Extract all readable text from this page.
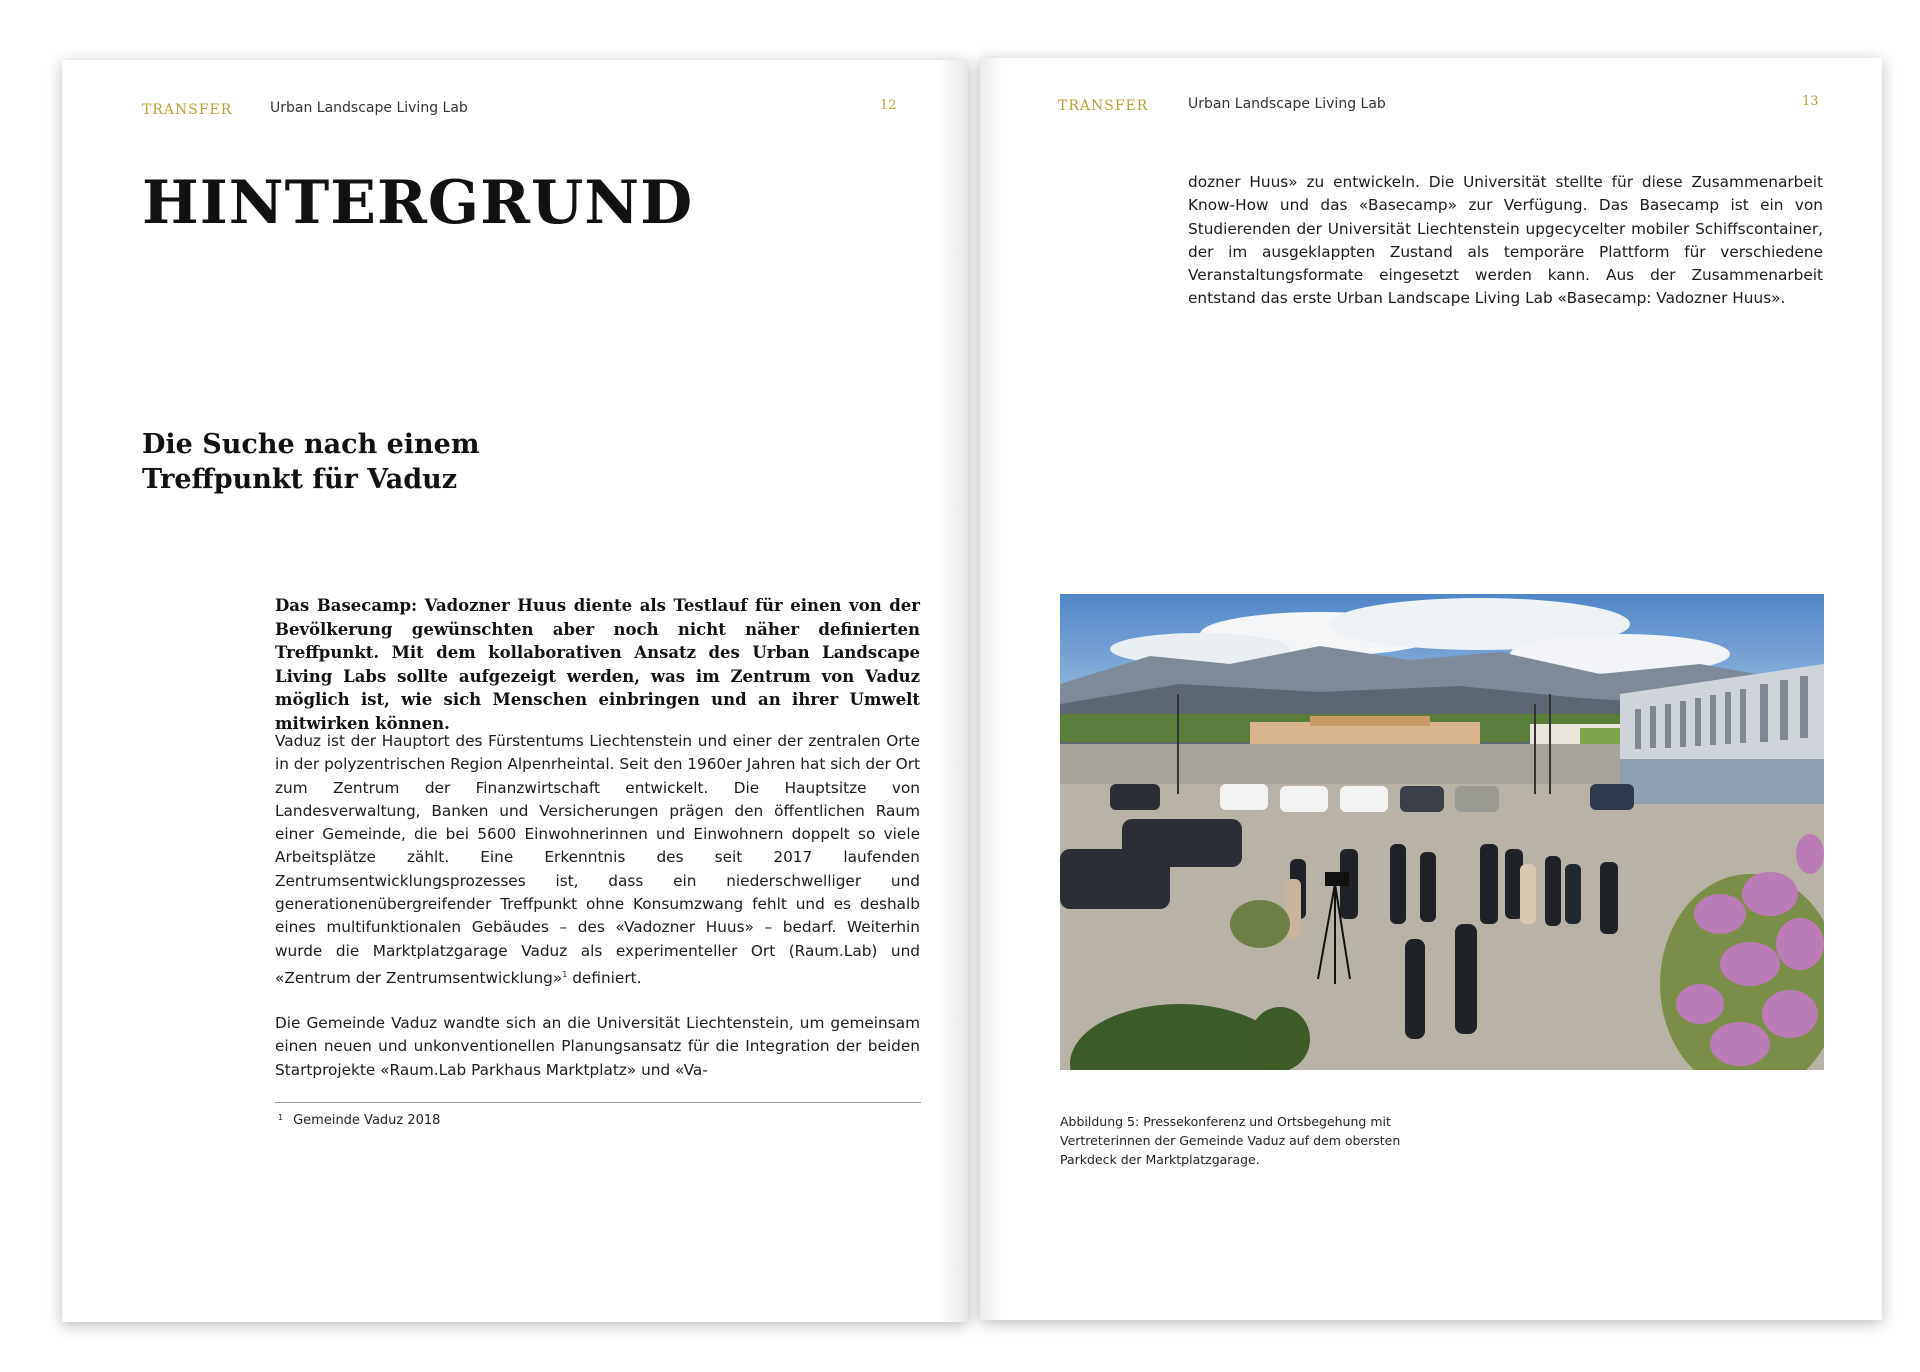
TRANSFER	Urban Landscape Living Lab	12
HINTERGRUND
Die Suche nach einem Treffpunkt für Vaduz

Das Basecamp: Vadozner Huus diente als Testlauf für einen von der Bevölkerung gewünschten aber noch nicht näher definierten Treffpunkt. Mit dem kollaborativen Ansatz des Urban Landscape Living Labs sollte aufgezeigt werden, was im Zentrum von Vaduz möglich ist, wie sich Menschen einbringen und an ihrer Umwelt mitwirken können.

Vaduz ist der Hauptort des Fürstentums Liechtenstein und einer der zentralen Orte in der polyzentrischen Region Alpenrheintal. Seit den 1960er Jahren hat sich der Ort zum Zentrum der Finanzwirtschaft entwickelt. Die Hauptsitze von Landesverwaltung, Banken und Versicherungen prägen den öffentlichen Raum einer Gemeinde, die bei 5600 Einwohnerinnen und Einwohnern doppelt so viele Arbeitsplätze zählt. Eine Erkenntnis des seit 2017 laufenden Zentrumsentwicklungsprozesses ist, dass ein niederschwelliger und generationenübergreifender Treffpunkt ohne Konsumzwang fehlt und es deshalb eines multifunktionalen Gebäudes – des «Vadozner Huus» – bedarf. Weiterhin wurde die Marktplatzgarage Vaduz als experimenteller Ort (Raum.Lab) und «Zentrum der Zentrumsentwicklung»$^1$ definiert.

Die Gemeinde Vaduz wandte sich an die Universität Liechtenstein, um gemeinsam einen neuen und unkonventionellen Planungsansatz für die Integration der beiden Startprojekte «Raum.Lab Parkhaus Marktplatz» und «Va-

$^1$ Gemeinde Vaduz 2018
TRANSFER	Urban Landscape Living Lab	13

dozner Huus» zu entwickeln. Die Universität stellte für diese Zusammenarbeit Know-How und das «Basecamp» zur Verfügung. Das Basecamp ist ein von Studierenden der Universität Liechtenstein upgecycelter mobiler Schiffscontainer, der im ausgeklappten Zustand als temporäre Plattform für verschiedene Veranstaltungsformate eingesetzt werden kann. Aus der Zusammenarbeit entstand das erste Urban Landscape Living Lab «Basecamp: Vadozner Huus».

Abbildung 5: Pressekonferenz und Ortsbegehung mit Vertreterinnen der Gemeinde Vaduz auf dem obersten Parkdeck der Marktplatzgarage.
